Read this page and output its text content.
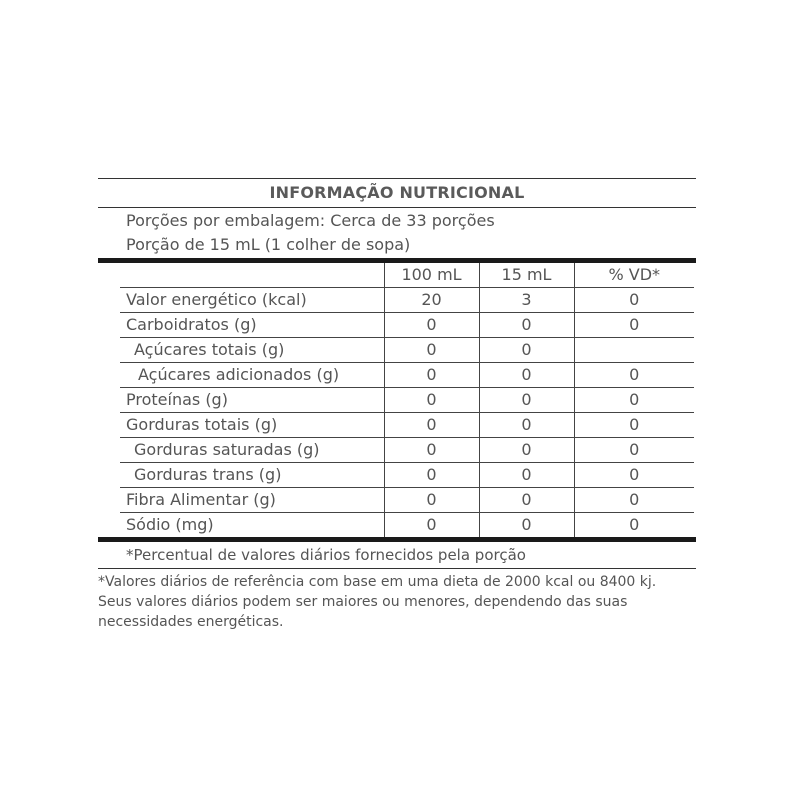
INFORMAÇÃO NUTRICIONAL
Porções por embalagem: Cerca de 33 porções
Porção de 15 mL (1 colher de sopa)
	100 mL	15 mL	% VD*
Valor energético (kcal)	20	3	0
Carboidratos (g)	0	0	0
Açúcares totais (g)	0	0	
Açúcares adicionados (g)	0	0	0
Proteínas (g)	0	0	0
Gorduras totais (g)	0	0	0
Gorduras saturadas (g)	0	0	0
Gorduras trans (g)	0	0	0
Fibra Alimentar (g)	0	0	0
Sódio (mg)	0	0	0
*Percentual de valores diários fornecidos pela porção
*Valores diários de referência com base em uma dieta de 2000 kcal ou 8400 kj.
Seus valores diários podem ser maiores ou menores, dependendo das suas
necessidades energéticas.
